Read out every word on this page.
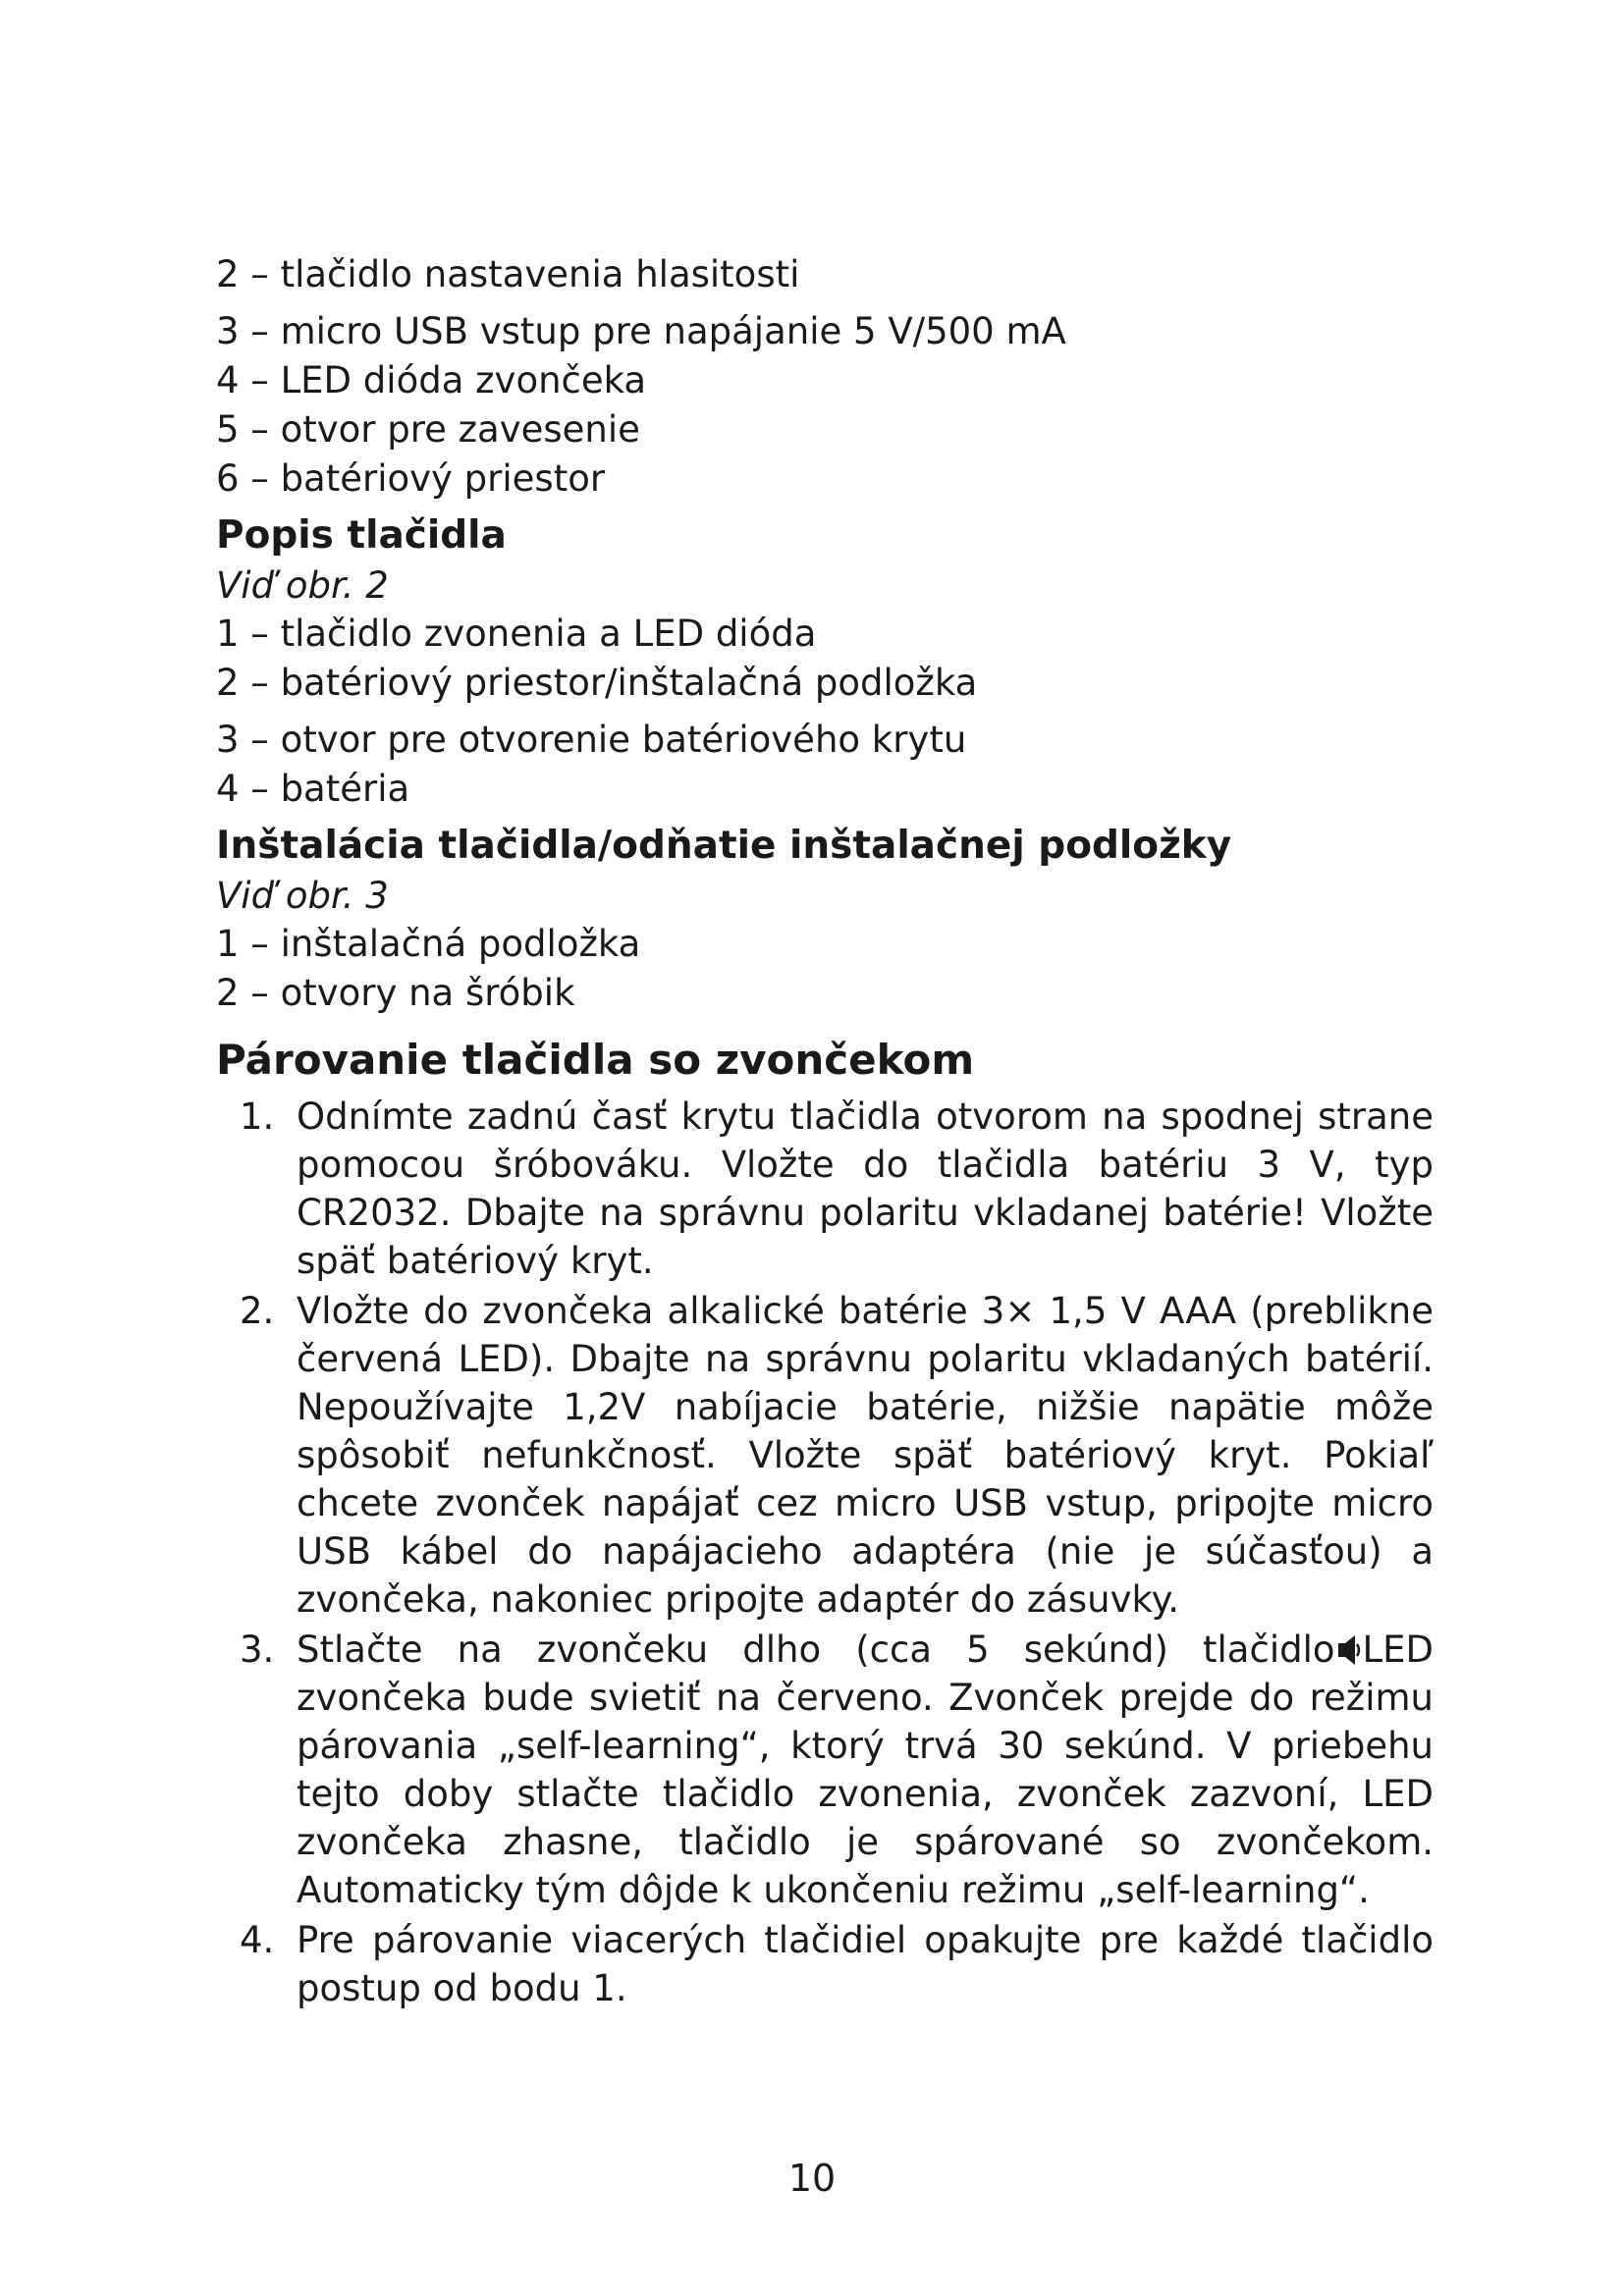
2 – tlačidlo nastavenia hlasitosti

3 – micro USB vstup pre napájanie 5 V/500 mA

4 – LED dióda zvončeka

5 – otvor pre zavesenie

6 – batériový priestor

Popis tlačidla

Viď obr. 2

1 – tlačidlo zvonenia a LED dióda

2 – batériový priestor/inštalačná podložka

3 – otvor pre otvorenie batériového krytu

4 – batéria

Inštalácia tlačidla/odňatie inštalačnej podložky

Viď obr. 3

1 – inštalačná podložka

2 – otvory na šróbik

Párovanie tlačidla so zvončekom
1. Odnímte zadnú časť krytu tlačidla otvorom na spodnej strane pomocou šróbováku. Vložte do tlačidla batériu 3 V, typ CR2032. Dbajte na správnu polaritu vkladanej batérie! Vložte späť batériový kryt.
2. Vložte do zvončeka alkalické batérie 3× 1,5 V AAA (preblikne červená LED). Dbajte na správnu polaritu vkladaných batérií. Nepoužívajte 1,2V nabíjacie batérie, nižšie napätie môže spôsobiť nefunkčnosť. Vložte späť batériový kryt. Pokiaľ chcete zvonček napájať cez micro USB vstup, pripojte micro USB kábel do napájacieho adaptéra (nie je súčasťou) a zvončeka, nakoniec pripojte adaptér do zásuvky.
3. Stlačte na zvončeku dlho (cca 5 sekúnd) tlačidlo LED zvončeka bude svietiť na červeno. Zvonček prejde do režimu párovania „self-learning“, ktorý trvá 30 sekúnd. V priebehu tejto doby stlačte tlačidlo zvonenia, zvonček zazvoní, LED zvončeka zhasne, tlačidlo je spárované so zvončekom. Automaticky tým dôjde k ukončeniu režimu „self-learning“.
4. Pre párovanie viacerých tlačidiel opakujte pre každé tlačidlo postup od bodu 1.
10
